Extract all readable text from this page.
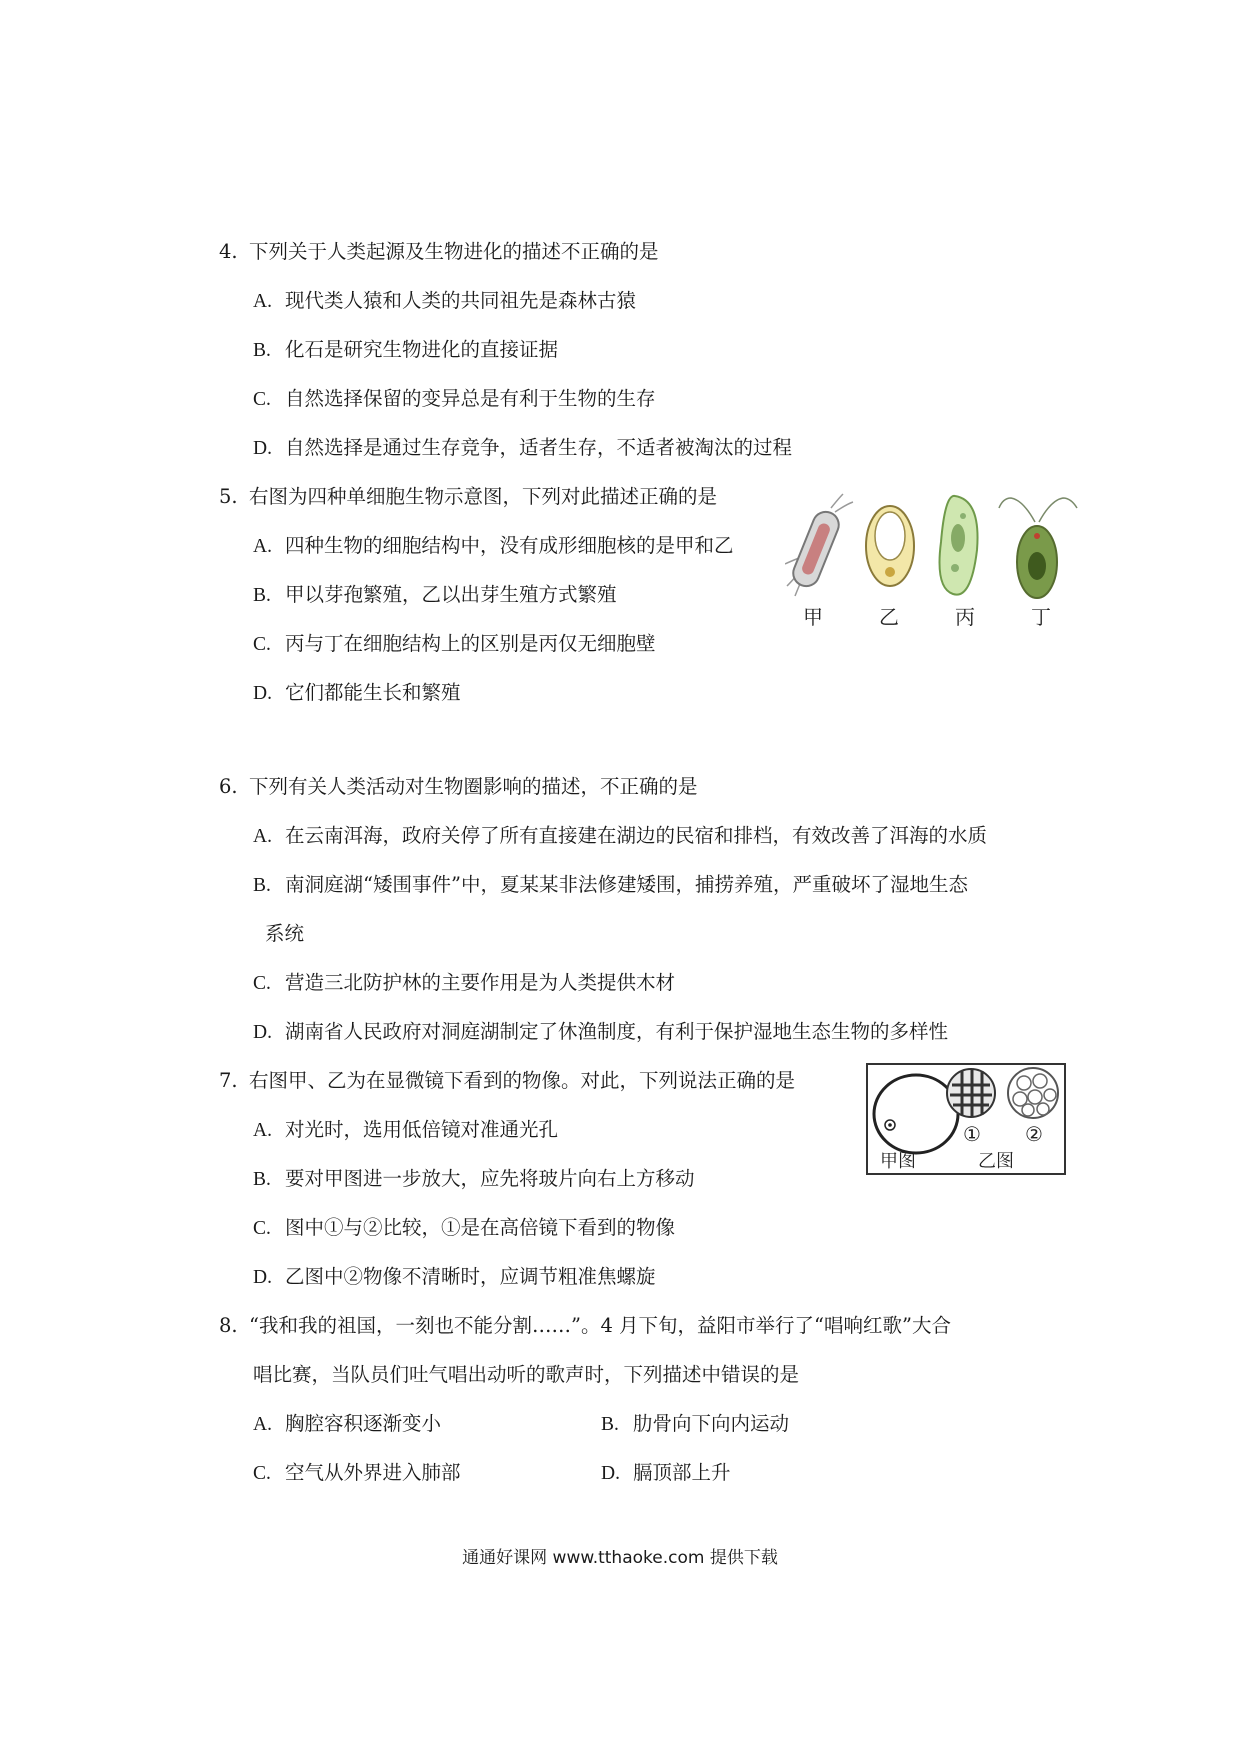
4. 下列关于人类起源及生物进化的描述不正确的是
A. 现代类人猿和人类的共同祖先是森林古猿
B. 化石是研究生物进化的直接证据
C. 自然选择保留的变异总是有利于生物的生存
D. 自然选择是通过生存竞争，适者生存，不适者被淘汰的过程
5. 右图为四种单细胞生物示意图，下列对此描述正确的是
A. 四种生物的细胞结构中，没有成形细胞核的是甲和乙
B. 甲以芽孢繁殖，乙以出芽生殖方式繁殖
C. 丙与丁在细胞结构上的区别是丙仅无细胞壁
D. 它们都能生长和繁殖
甲	乙	丙	丁
6. 下列有关人类活动对生物圈影响的描述，不正确的是
A. 在云南洱海，政府关停了所有直接建在湖边的民宿和排档，有效改善了洱海的水质
B. 南洞庭湖“矮围事件”中，夏某某非法修建矮围，捕捞养殖，严重破坏了湿地生态
系统
C. 营造三北防护林的主要作用是为人类提供木材
D. 湖南省人民政府对洞庭湖制定了休渔制度，有利于保护湿地生态生物的多样性
7. 右图甲、乙为在显微镜下看到的物像。对此，下列说法正确的是
A. 对光时，选用低倍镜对准通光孔
B. 要对甲图进一步放大，应先将玻片向右上方移动
C. 图中①与②比较，①是在高倍镜下看到的物像
D. 乙图中②物像不清晰时，应调节粗准焦螺旋
① ②
甲图	乙图
8. “我和我的祖国，一刻也不能分割……”。4 月下旬，益阳市举行了“唱响红歌”大合
唱比赛，当队员们吐气唱出动听的歌声时，下列描述中错误的是
A. 胸腔容积逐渐变小	B. 肋骨向下向内运动
C. 空气从外界进入肺部	D. 膈顶部上升
通通好课网 www.tthaoke.com 提供下载
